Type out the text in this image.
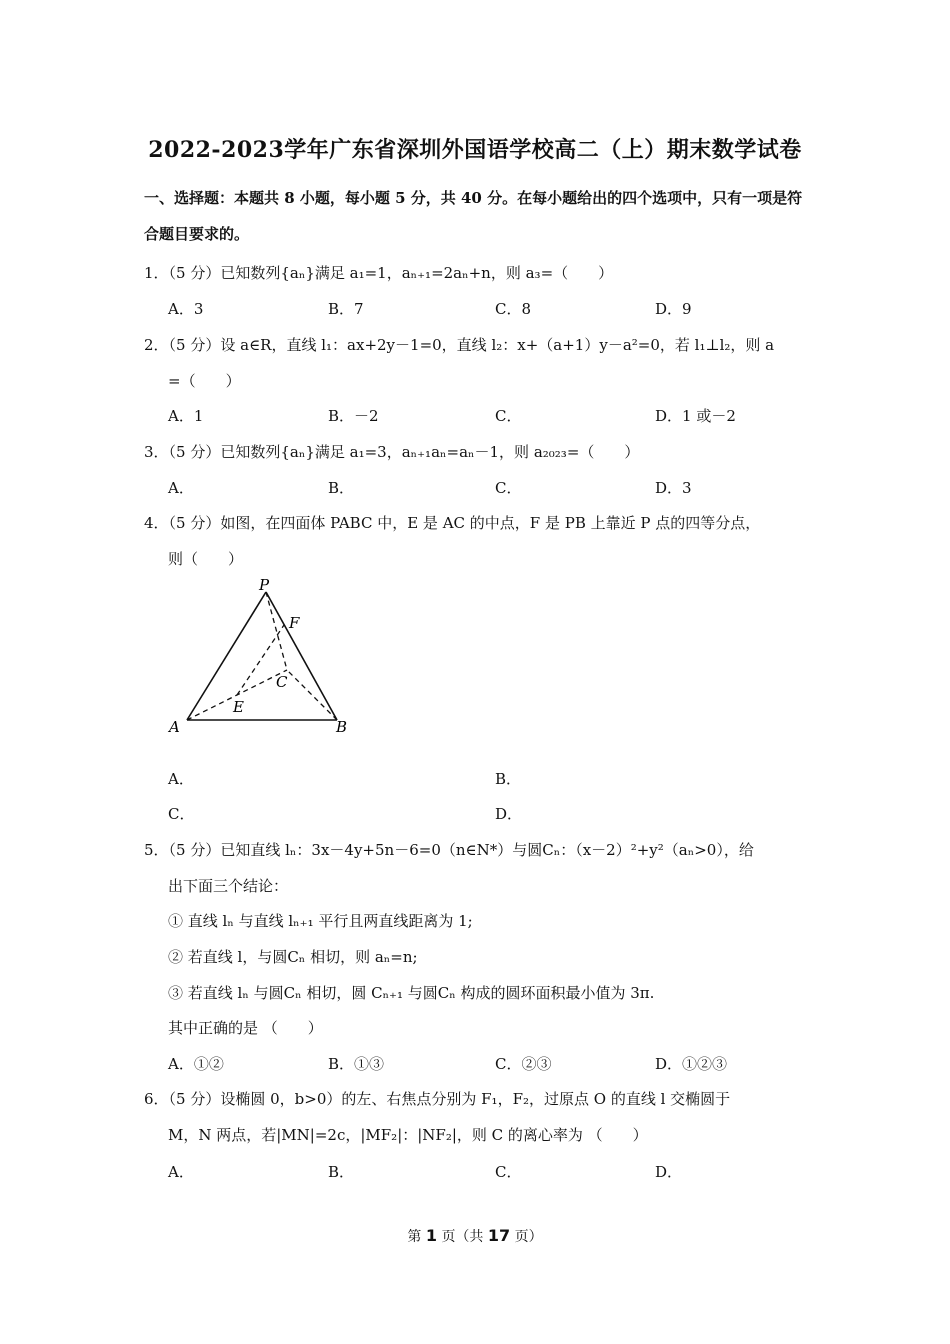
2022-2023学年广东省深圳外国语学校高二（上）期末数学试卷
一、选择题：本题共 8 小题，每小题 5 分，共 40 分。在每小题给出的四个选项中，只有一项是符合题目要求的。
1．（5 分）已知数列{aₙ}满足 a₁=1，aₙ₊₁=2aₙ+n，则 a₃=（　　）
A．3	B．7	C．8	D．9
2．（5 分）设 a∈R，直线 l₁：ax+2y－1=0，直线 l₂：x+（a+1）y－a²=0，若 l₁⊥l₂，则 a
=（　　）
A．1	B．－2	C．	D．1 或－2
3．（5 分）已知数列{aₙ}满足 a₁=3，aₙ₊₁aₙ=aₙ－1，则 a₂₀₂₃=（　　）
A．	B．	C．	D．3
4．（5 分）如图，在四面体 PABC 中，E 是 AC 的中点，F 是 PB 上靠近 P 点的四等分点，
则（　　）
P
F
C
E
A	B
A．	B．
C．	D．
5．（5 分）已知直线 lₙ：3x－4y+5n－6=0（n∈N*）与圆Cₙ：（x－2）²+y²（aₙ>0），给
出下面三个结论：
① 直线 lₙ 与直线 lₙ₊₁ 平行且两直线距离为 1;
② 若直线 l，与圆Cₙ 相切，则 aₙ=n;
③ 若直线 lₙ 与圆Cₙ 相切，圆 Cₙ₊₁ 与圆Cₙ 构成的圆环面积最小值为 3π.
其中正确的是 （　　）
A．①②	B．①③	C．②③	D．①②③
6．（5 分）设椭圆 0，b>0）的左、右焦点分别为 F₁，F₂，过原点 O 的直线 l 交椭圆于
M，N 两点，若|MN|=2c，|MF₂|：|NF₂|，则 C 的离心率为 （　　）
A．	B．	C．	D．
第 1 页（共 17 页）
